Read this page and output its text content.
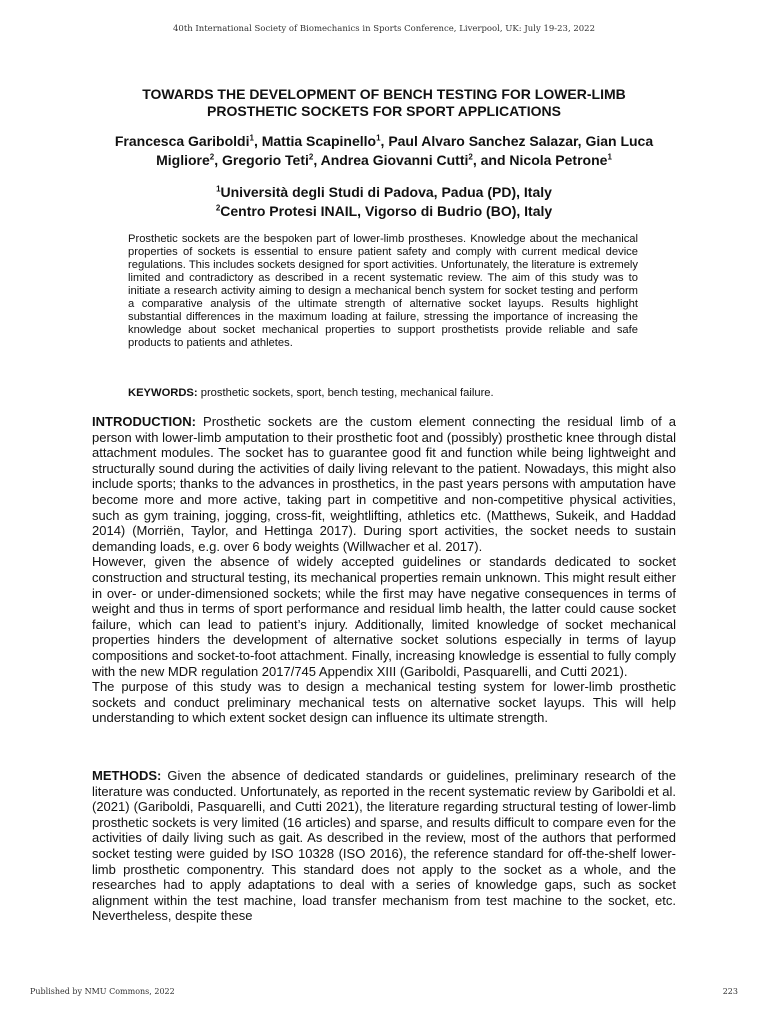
40th International Society of Biomechanics in Sports Conference, Liverpool, UK: July 19-23, 2022
TOWARDS THE DEVELOPMENT OF BENCH TESTING FOR LOWER-LIMB
PROSTHETIC SOCKETS FOR SPORT APPLICATIONS
Francesca Gariboldi$^1$, Mattia Scapinello$^1$, Paul Alvaro Sanchez Salazar, Gian Luca Migliore$^2$, Gregorio Teti$^2$, Andrea Giovanni Cutti$^2$, and Nicola Petrone$^1$
$^1$Università degli Studi di Padova, Padua (PD), Italy
$^2$Centro Protesi INAIL, Vigorso di Budrio (BO), Italy

Prosthetic sockets are the bespoken part of lower-limb prostheses. Knowledge about the mechanical properties of sockets is essential to ensure patient safety and comply with current medical device regulations. This includes sockets designed for sport activities. Unfortunately, the literature is extremely limited and contradictory as described in a recent systematic review. The aim of this study was to initiate a research activity aiming to design a mechanical bench system for socket testing and perform a comparative analysis of the ultimate strength of alternative socket layups. Results highlight substantial differences in the maximum loading at failure, stressing the importance of increasing the knowledge about socket mechanical properties to support prosthetists provide reliable and safe products to patients and athletes.

KEYWORDS: prosthetic sockets, sport, bench testing, mechanical failure.

INTRODUCTION: Prosthetic sockets are the custom element connecting the residual limb of a person with lower-limb amputation to their prosthetic foot and (possibly) prosthetic knee through distal attachment modules. The socket has to guarantee good fit and function while being lightweight and structurally sound during the activities of daily living relevant to the patient. Nowadays, this might also include sports; thanks to the advances in prosthetics, in the past years persons with amputation have become more and more active, taking part in competitive and non-competitive physical activities, such as gym training, jogging, cross-fit, weightlifting, athletics etc. (Matthews, Sukeik, and Haddad 2014) (Morriën, Taylor, and Hettinga 2017). During sport activities, the socket needs to sustain demanding loads, e.g. over 6 body weights (Willwacher et al. 2017).

However, given the absence of widely accepted guidelines or standards dedicated to socket construction and structural testing, its mechanical properties remain unknown. This might result either in over- or under-dimensioned sockets; while the first may have negative consequences in terms of weight and thus in terms of sport performance and residual limb health, the latter could cause socket failure, which can lead to patient’s injury. Additionally, limited knowledge of socket mechanical properties hinders the development of alternative socket solutions especially in terms of layup compositions and socket-to-foot attachment. Finally, increasing knowledge is essential to fully comply with the new MDR regulation 2017/745 Appendix XIII (Gariboldi, Pasquarelli, and Cutti 2021).

The purpose of this study was to design a mechanical testing system for lower-limb prosthetic sockets and conduct preliminary mechanical tests on alternative socket layups. This will help understanding to which extent socket design can influence its ultimate strength.

METHODS: Given the absence of dedicated standards or guidelines, preliminary research of the literature was conducted. Unfortunately, as reported in the recent systematic review by Gariboldi et al. (2021) (Gariboldi, Pasquarelli, and Cutti 2021), the literature regarding structural testing of lower-limb prosthetic sockets is very limited (16 articles) and sparse, and results difficult to compare even for the activities of daily living such as gait. As described in the review, most of the authors that performed socket testing were guided by ISO 10328 (ISO 2016), the reference standard for off-the-shelf lower-limb prosthetic componentry. This standard does not apply to the socket as a whole, and the researches had to apply adaptations to deal with a series of knowledge gaps, such as socket alignment within the test machine, load transfer mechanism from test machine to the socket, etc. Nevertheless, despite these

Published by NMU Commons, 2022	223
